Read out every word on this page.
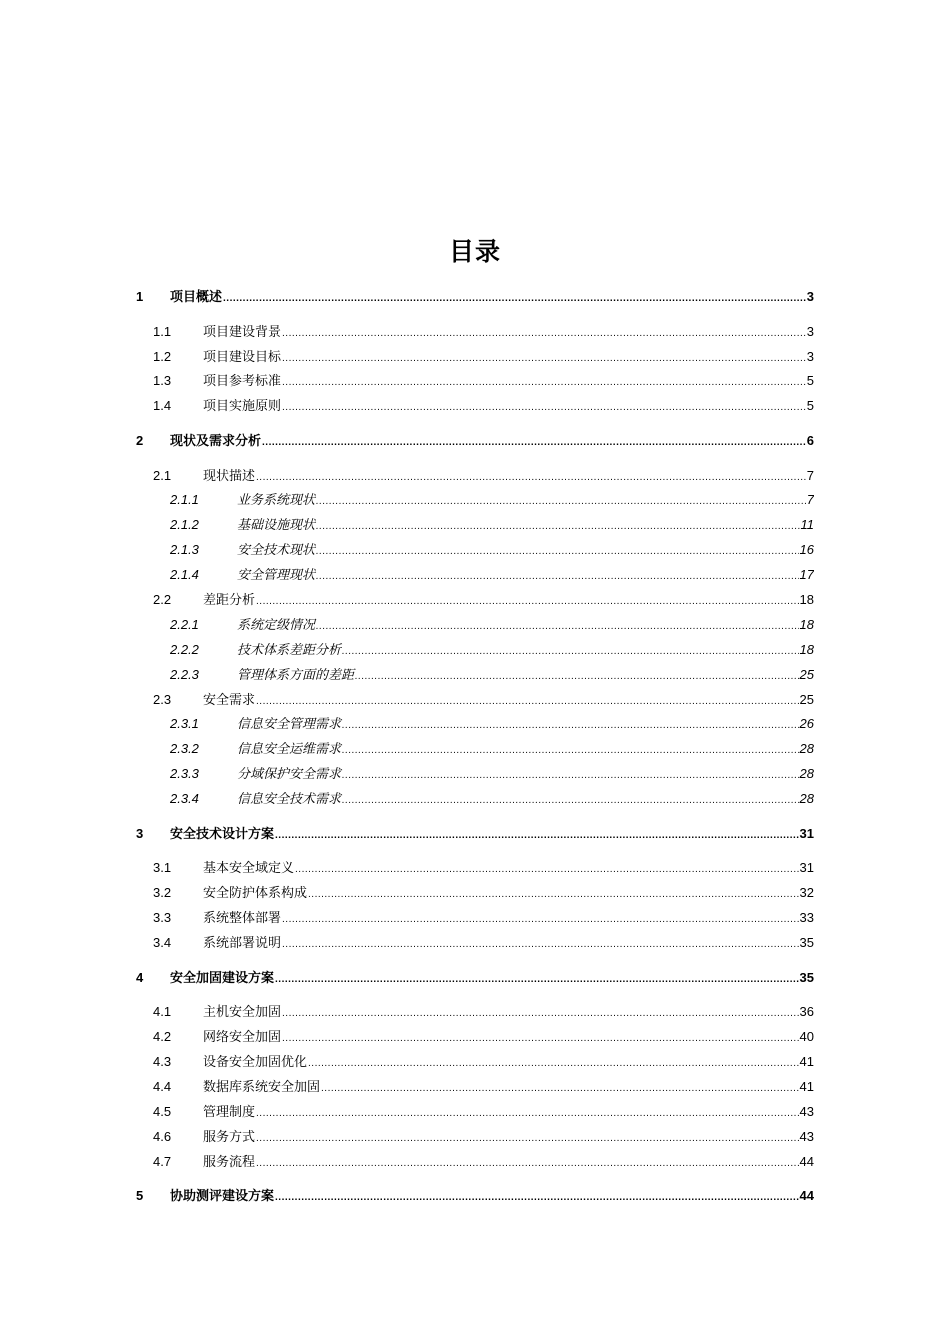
目录
1 项目概述 .....	3
1.1 项目建设背景 .....	3
1.2 项目建设目标 .....	3
1.3 项目参考标准 .....	5
1.4 项目实施原则 .....	5
2 现状及需求分析 .....	6
2.1 现状描述 .....	7
2.1.1	业务系统现状 .....	7
2.1.2	基础设施现状 .....	11
2.1.3	安全技术现状 .....	16
2.1.4	安全管理现状 .....	17
2.2 差距分析 .....	18
2.2.1	系统定级情况 .....	18
2.2.2	技术体系差距分析 .....	18
2.2.3	管理体系方面的差距 .....	25
2.3 安全需求 .....	25
2.3.1	信息安全管理需求 .....	26
2.3.2	信息安全运维需求 .....	28
2.3.3	分域保护安全需求 .....	28
2.3.4	信息安全技术需求 .....	28
3 安全技术设计方案 .....	31
3.1 基本安全域定义 .....	31
3.2 安全防护体系构成 .....	32
3.3 系统整体部署 .....	33
3.4 系统部署说明 .....	35
4 安全加固建设方案 .....	35
4.1 主机安全加固 .....	36
4.2 网络安全加固 .....	40
4.3 设备安全加固优化 .....	41
4.4 数据库系统安全加固 .....	41
4.5 管理制度 .....	43
4.6 服务方式 .....	43
4.7 服务流程 .....	44
5 协助测评建设方案 .....	44
